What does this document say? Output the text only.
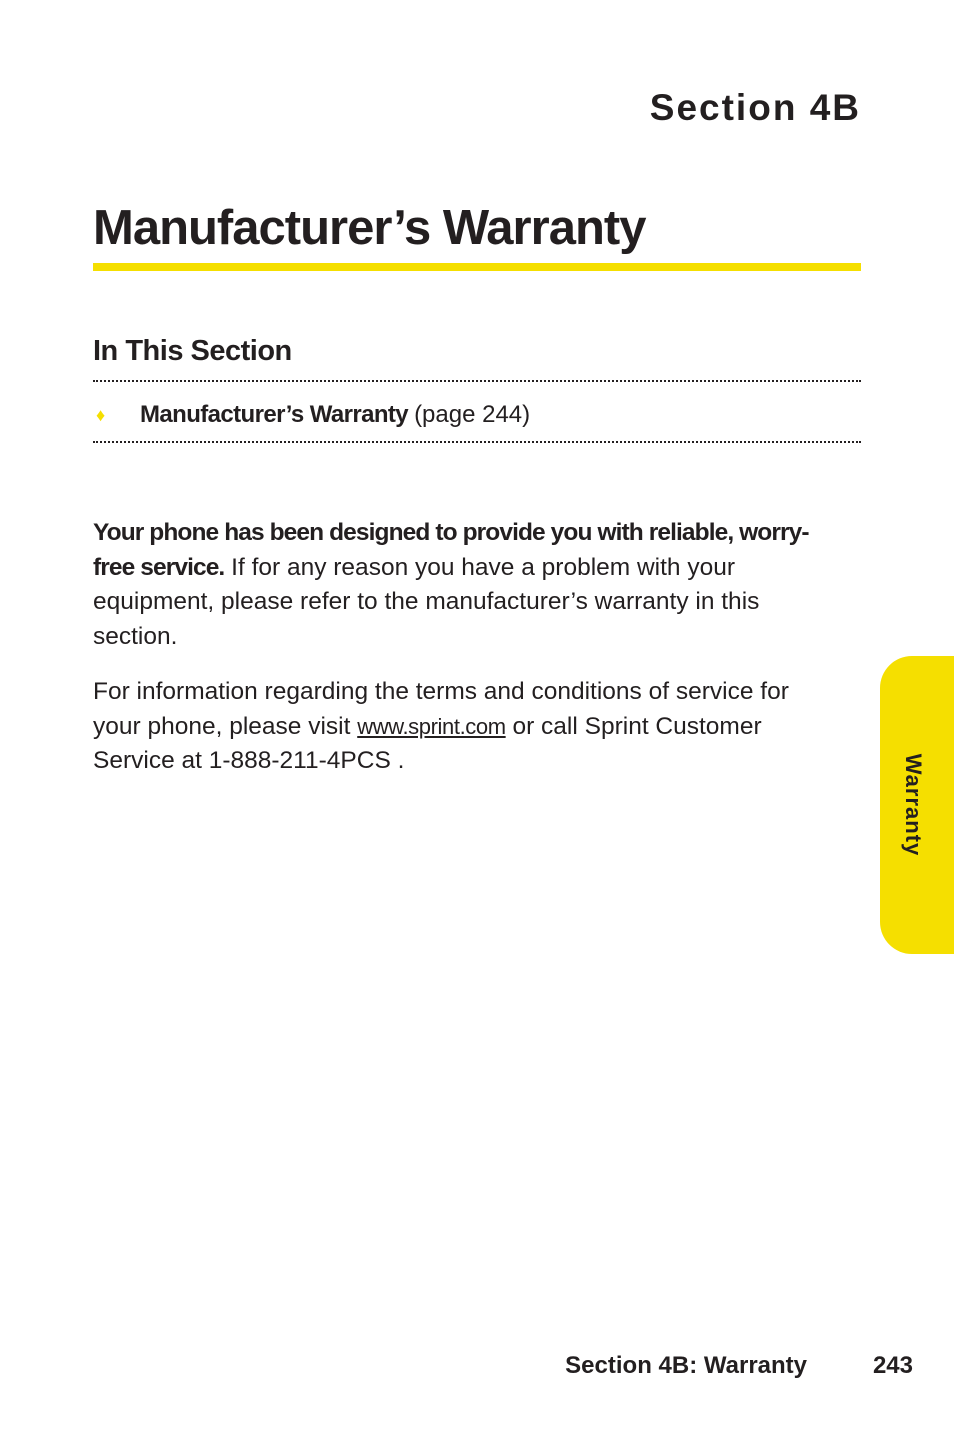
Section 4B
Manufacturer’s Warranty
In This Section
♦	Manufacturer’s Warranty (page 244)

Your phone has been designed to provide you with reliable, worry-free service. If for any reason you have a problem with your equipment, please refer to the manufacturer’s warranty in this section.

For information regarding the terms and conditions of service for your phone, please visit www.sprint.com or call Sprint Customer Service at 1-888-211-4PCS .	Warranty
Section 4B: Warranty	243
